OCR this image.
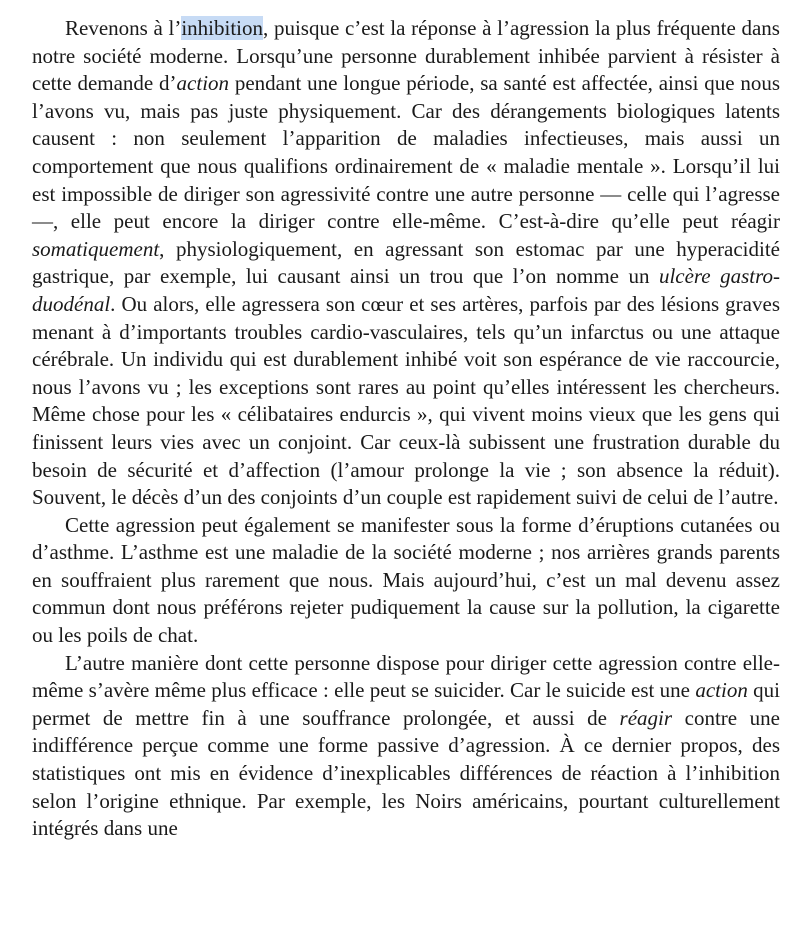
Revenons à l’inhibition, puisque c’est la réponse à l’agression la plus fréquente dans notre société moderne. Lorsqu’une personne durablement inhibée parvient à résister à cette demande d’action pendant une longue période, sa santé est affectée, ainsi que nous l’avons vu, mais pas juste physiquement. Car des dérangements biologiques latents causent : non seulement l’apparition de maladies infectieuses, mais aussi un comportement que nous qualifions ordinairement de « maladie mentale ». Lorsqu’il lui est impossible de diriger son agressivité contre une autre personne — celle qui l’agresse —, elle peut encore la diriger contre elle-même. C’est-à-dire qu’elle peut réagir somatiquement, physiologiquement, en agressant son estomac par une hyperacidité gastrique, par exemple, lui causant ainsi un trou que l’on nomme un ulcère gastro-duodénal. Ou alors, elle agressera son cœur et ses artères, parfois par des lésions graves menant à d’importants troubles cardio-vasculaires, tels qu’un infarctus ou une attaque cérébrale. Un individu qui est durablement inhibé voit son espérance de vie raccourcie, nous l’avons vu ; les exceptions sont rares au point qu’elles intéressent les chercheurs. Même chose pour les « célibataires endurcis », qui vivent moins vieux que les gens qui finissent leurs vies avec un conjoint. Car ceux-là subissent une frustration durable du besoin de sécurité et d’affection (l’amour prolonge la vie ; son absence la réduit). Souvent, le décès d’un des conjoints d’un couple est rapidement suivi de celui de l’autre.

Cette agression peut également se manifester sous la forme d’éruptions cutanées ou d’asthme. L’asthme est une maladie de la société moderne ; nos arrières grands parents en souffraient plus rarement que nous. Mais aujourd’hui, c’est un mal devenu assez commun dont nous préférons rejeter pudiquement la cause sur la pollution, la cigarette ou les poils de chat.

L’autre manière dont cette personne dispose pour diriger cette agression contre elle-même s’avère même plus efficace : elle peut se suicider. Car le suicide est une action qui permet de mettre fin à une souffrance prolongée, et aussi de réagir contre une indifférence perçue comme une forme passive d’agression. À ce dernier propos, des statistiques ont mis en évidence d’inexplicables différences de réaction à l’inhibition selon l’origine ethnique. Par exemple, les Noirs américains, pourtant culturellement intégrés dans une
